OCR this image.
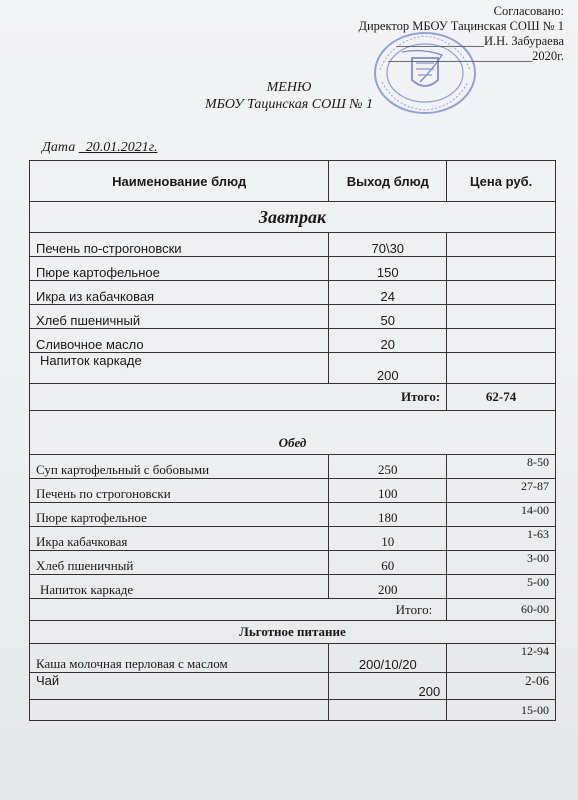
Согласовано:
Директор МБОУ Тацинская СОШ № 1
______________И.Н. Забураева
_______________________2020г.
МЕНЮ
МБОУ Тацинская СОШ № 1
Дата 20.01.2021г.
Наименование блюд	Выход блюд	Цена руб.
Завтрак		
Печень по-строгоновски	70\30	
Пюре картофельное	150	
Икра из кабачковая	24	
Хлеб пшеничный	50	
Сливочное масло	20	
Напиток каркаде	200	
Итого:		62-74
Обед		
Суп картофельный с бобовыми	250	8-50
Печень по строгоновски	100	27-87
Пюре картофельное	180	14-00
Икра кабачковая	10	1-63
Хлеб пшеничный	60	3-00
Напиток каркаде	200	5-00
Итого:		60-00
Льготное питание		
Каша молочная перловая с маслом	200/10/20	12-94
Чай	200	2-06
		15-00
